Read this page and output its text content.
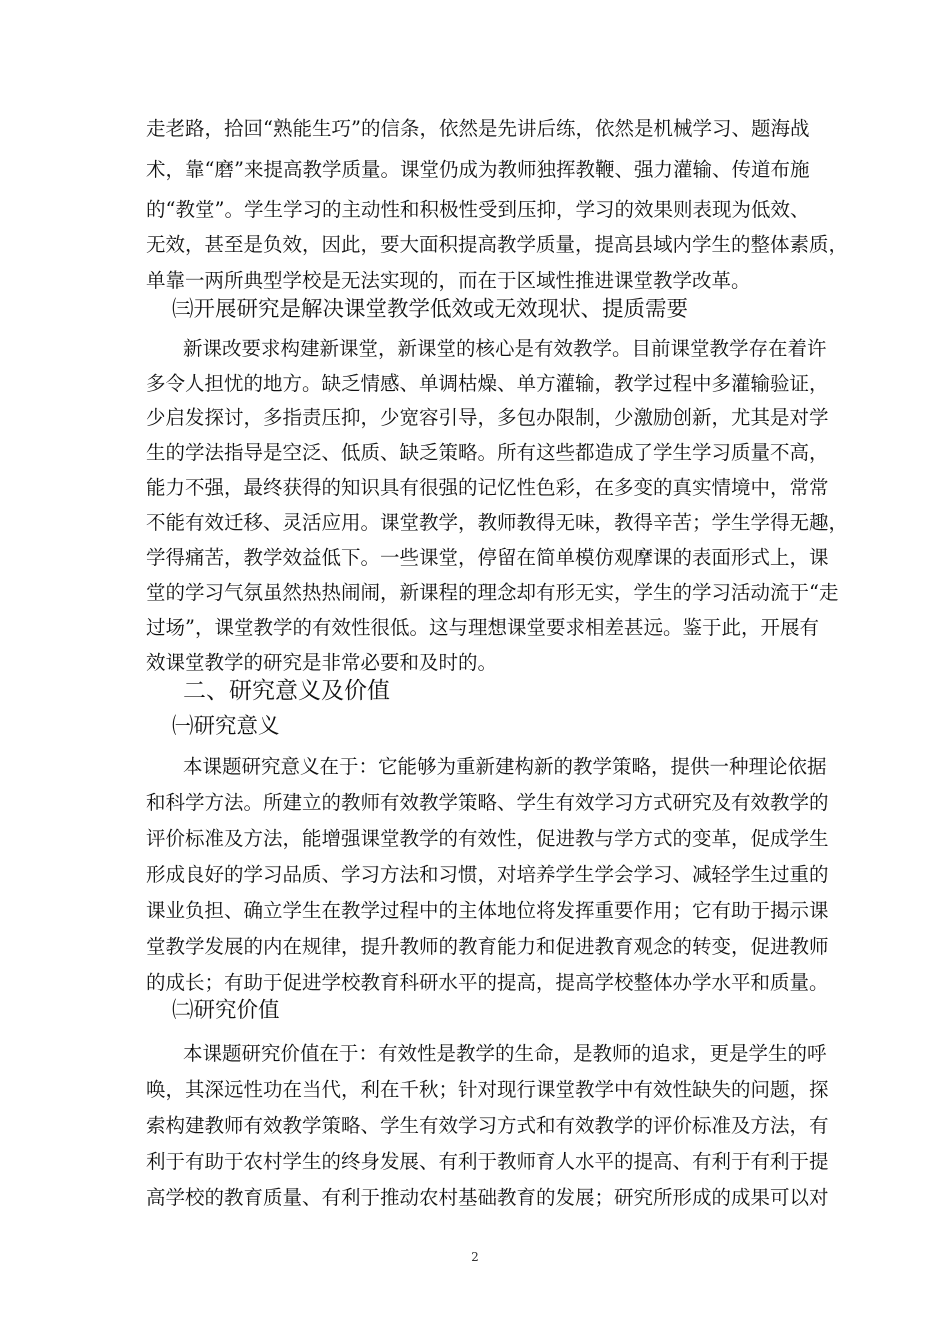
走老路，拾回“熟能生巧”的信条，依然是先讲后练，依然是机械学习、题海战
术，靠“磨”来提高教学质量。课堂仍成为教师独挥教鞭、强力灌输、传道布施
的“教堂”。学生学习的主动性和积极性受到压抑，学习的效果则表现为低效、
无效，甚至是负效，因此，要大面积提高教学质量，提高县域内学生的整体素质，
单靠一两所典型学校是无法实现的，而在于区域性推进课堂教学改革。
㈢开展研究是解决课堂教学低效或无效现状、提质需要
新课改要求构建新课堂，新课堂的核心是有效教学。目前课堂教学存在着许
多令人担忧的地方。缺乏情感、单调枯燥、单方灌输，教学过程中多灌输验证，
少启发探讨，多指责压抑，少宽容引导，多包办限制，少激励创新，尤其是对学
生的学法指导是空泛、低质、缺乏策略。所有这些都造成了学生学习质量不高，
能力不强，最终获得的知识具有很强的记忆性色彩，在多变的真实情境中，常常
不能有效迁移、灵活应用。课堂教学，教师教得无味，教得辛苦；学生学得无趣，
学得痛苦，教学效益低下。一些课堂，停留在简单模仿观摩课的表面形式上，课
堂的学习气氛虽然热热闹闹，新课程的理念却有形无实，学生的学习活动流于“走
过场”，课堂教学的有效性很低。这与理想课堂要求相差甚远。鉴于此，开展有
效课堂教学的研究是非常必要和及时的。
二、研究意义及价值
㈠研究意义
本课题研究意义在于：它能够为重新建构新的教学策略，提供一种理论依据
和科学方法。所建立的教师有效教学策略、学生有效学习方式研究及有效教学的
评价标准及方法，能增强课堂教学的有效性，促进教与学方式的变革，促成学生
形成良好的学习品质、学习方法和习惯，对培养学生学会学习、减轻学生过重的
课业负担、确立学生在教学过程中的主体地位将发挥重要作用；它有助于揭示课
堂教学发展的内在规律，提升教师的教育能力和促进教育观念的转变，促进教师
的成长；有助于促进学校教育科研水平的提高，提高学校整体办学水平和质量。
㈡研究价值
本课题研究价值在于：有效性是教学的生命，是教师的追求，更是学生的呼
唤，其深远性功在当代，利在千秋；针对现行课堂教学中有效性缺失的问题，探
索构建教师有效教学策略、学生有效学习方式和有效教学的评价标准及方法，有
利于有助于农村学生的终身发展、有利于教师育人水平的提高、有利于有利于提
高学校的教育质量、有利于推动农村基础教育的发展；研究所形成的成果可以对
2
